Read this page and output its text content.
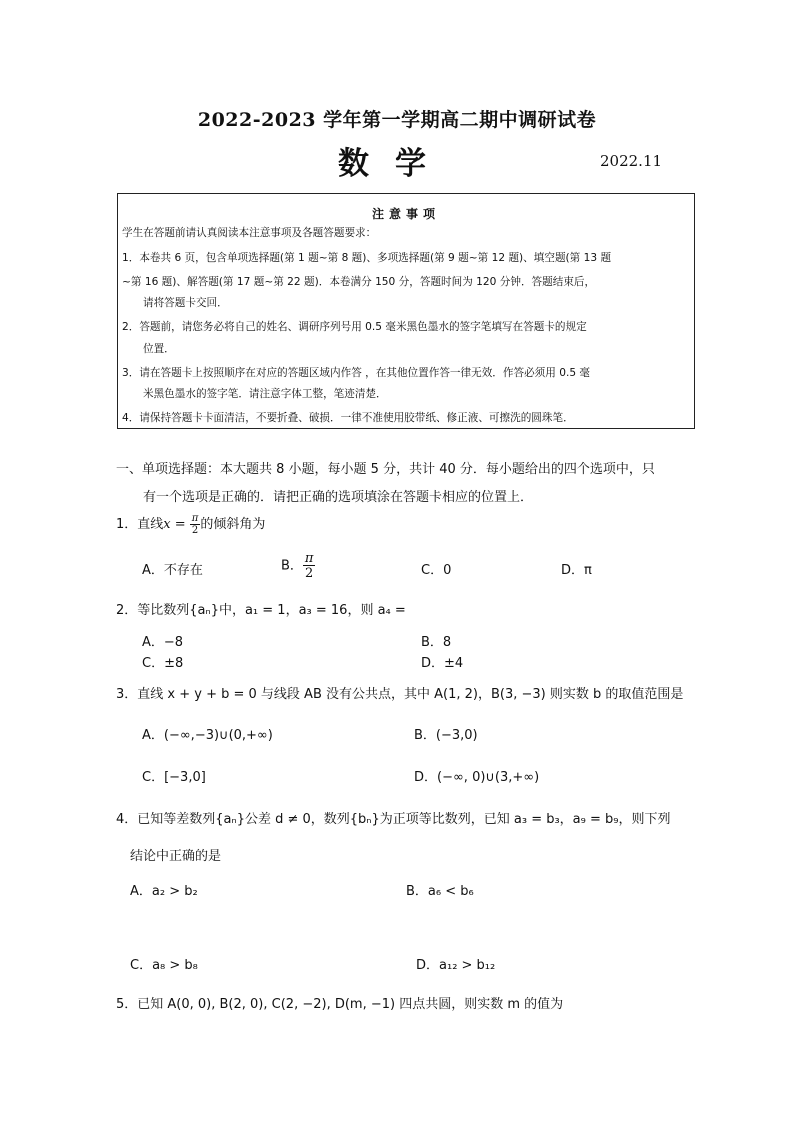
2022-2023 学年第一学期高二期中调研试卷
数学	2022.11
注意事项
学生在答题前请认真阅读本注意事项及各题答题要求：
1．本卷共 6 页，包含单项选择题(第 1 题~第 8 题)、多项选择题(第 9 题~第 12 题)、填空题(第 13 题
~第 16 题)、解答题(第 17 题~第 22 题)．本卷满分 150 分，答题时间为 120 分钟．答题结束后，
请将答题卡交回．
2．答题前，请您务必将自己的姓名、调研序列号用 0.5 毫米黑色墨水的签字笔填写在答题卡的规定
位置．
3．请在答题卡上按照顺序在对应的答题区域内作答 ，在其他位置作答一律无效．作答必须用 0.5 毫
米黑色墨水的签字笔．请注意字体工整，笔迹清楚．
4．请保持答题卡卡面清洁，不要折叠、破损．一律不准使用胶带纸、修正液、可擦洗的圆珠笔．
一、单项选择题：本大题共 8 小题，每小题 5 分，共计 40 分．每小题给出的四个选项中，只
有一个选项是正确的．请把正确的选项填涂在答题卡相应的位置上．
1．直线$x = \frac{\pi}{2}$ 的倾斜角为
A．不存在	B． $\frac{\pi}{2}$	C．0	D．π
2．等比数列{aₙ}中，a₁ = 1，a₃ = 16，则 a₄ =
A．−8	B．8
C．±8	D．±4
3．直线 x + y + b = 0 与线段 AB 没有公共点，其中 A(1, 2)，B(3, −3) 则实数 b 的取值范围是
A．(−∞,−3)∪(0,+∞)	B．(−3,0)
C．[−3,0]	D．(−∞, 0)∪(3,+∞)
4．已知等差数列{aₙ}公差 d ≠ 0，数列{bₙ}为正项等比数列，已知 a₃ = b₃，a₉ = b₉，则下列
结论中正确的是
A．a₂ > b₂	B．a₆ < b₆
C．a₈ > b₈	D．a₁₂ > b₁₂
5．已知 A(0, 0), B(2, 0), C(2, −2), D(m, −1) 四点共圆，则实数 m 的值为
